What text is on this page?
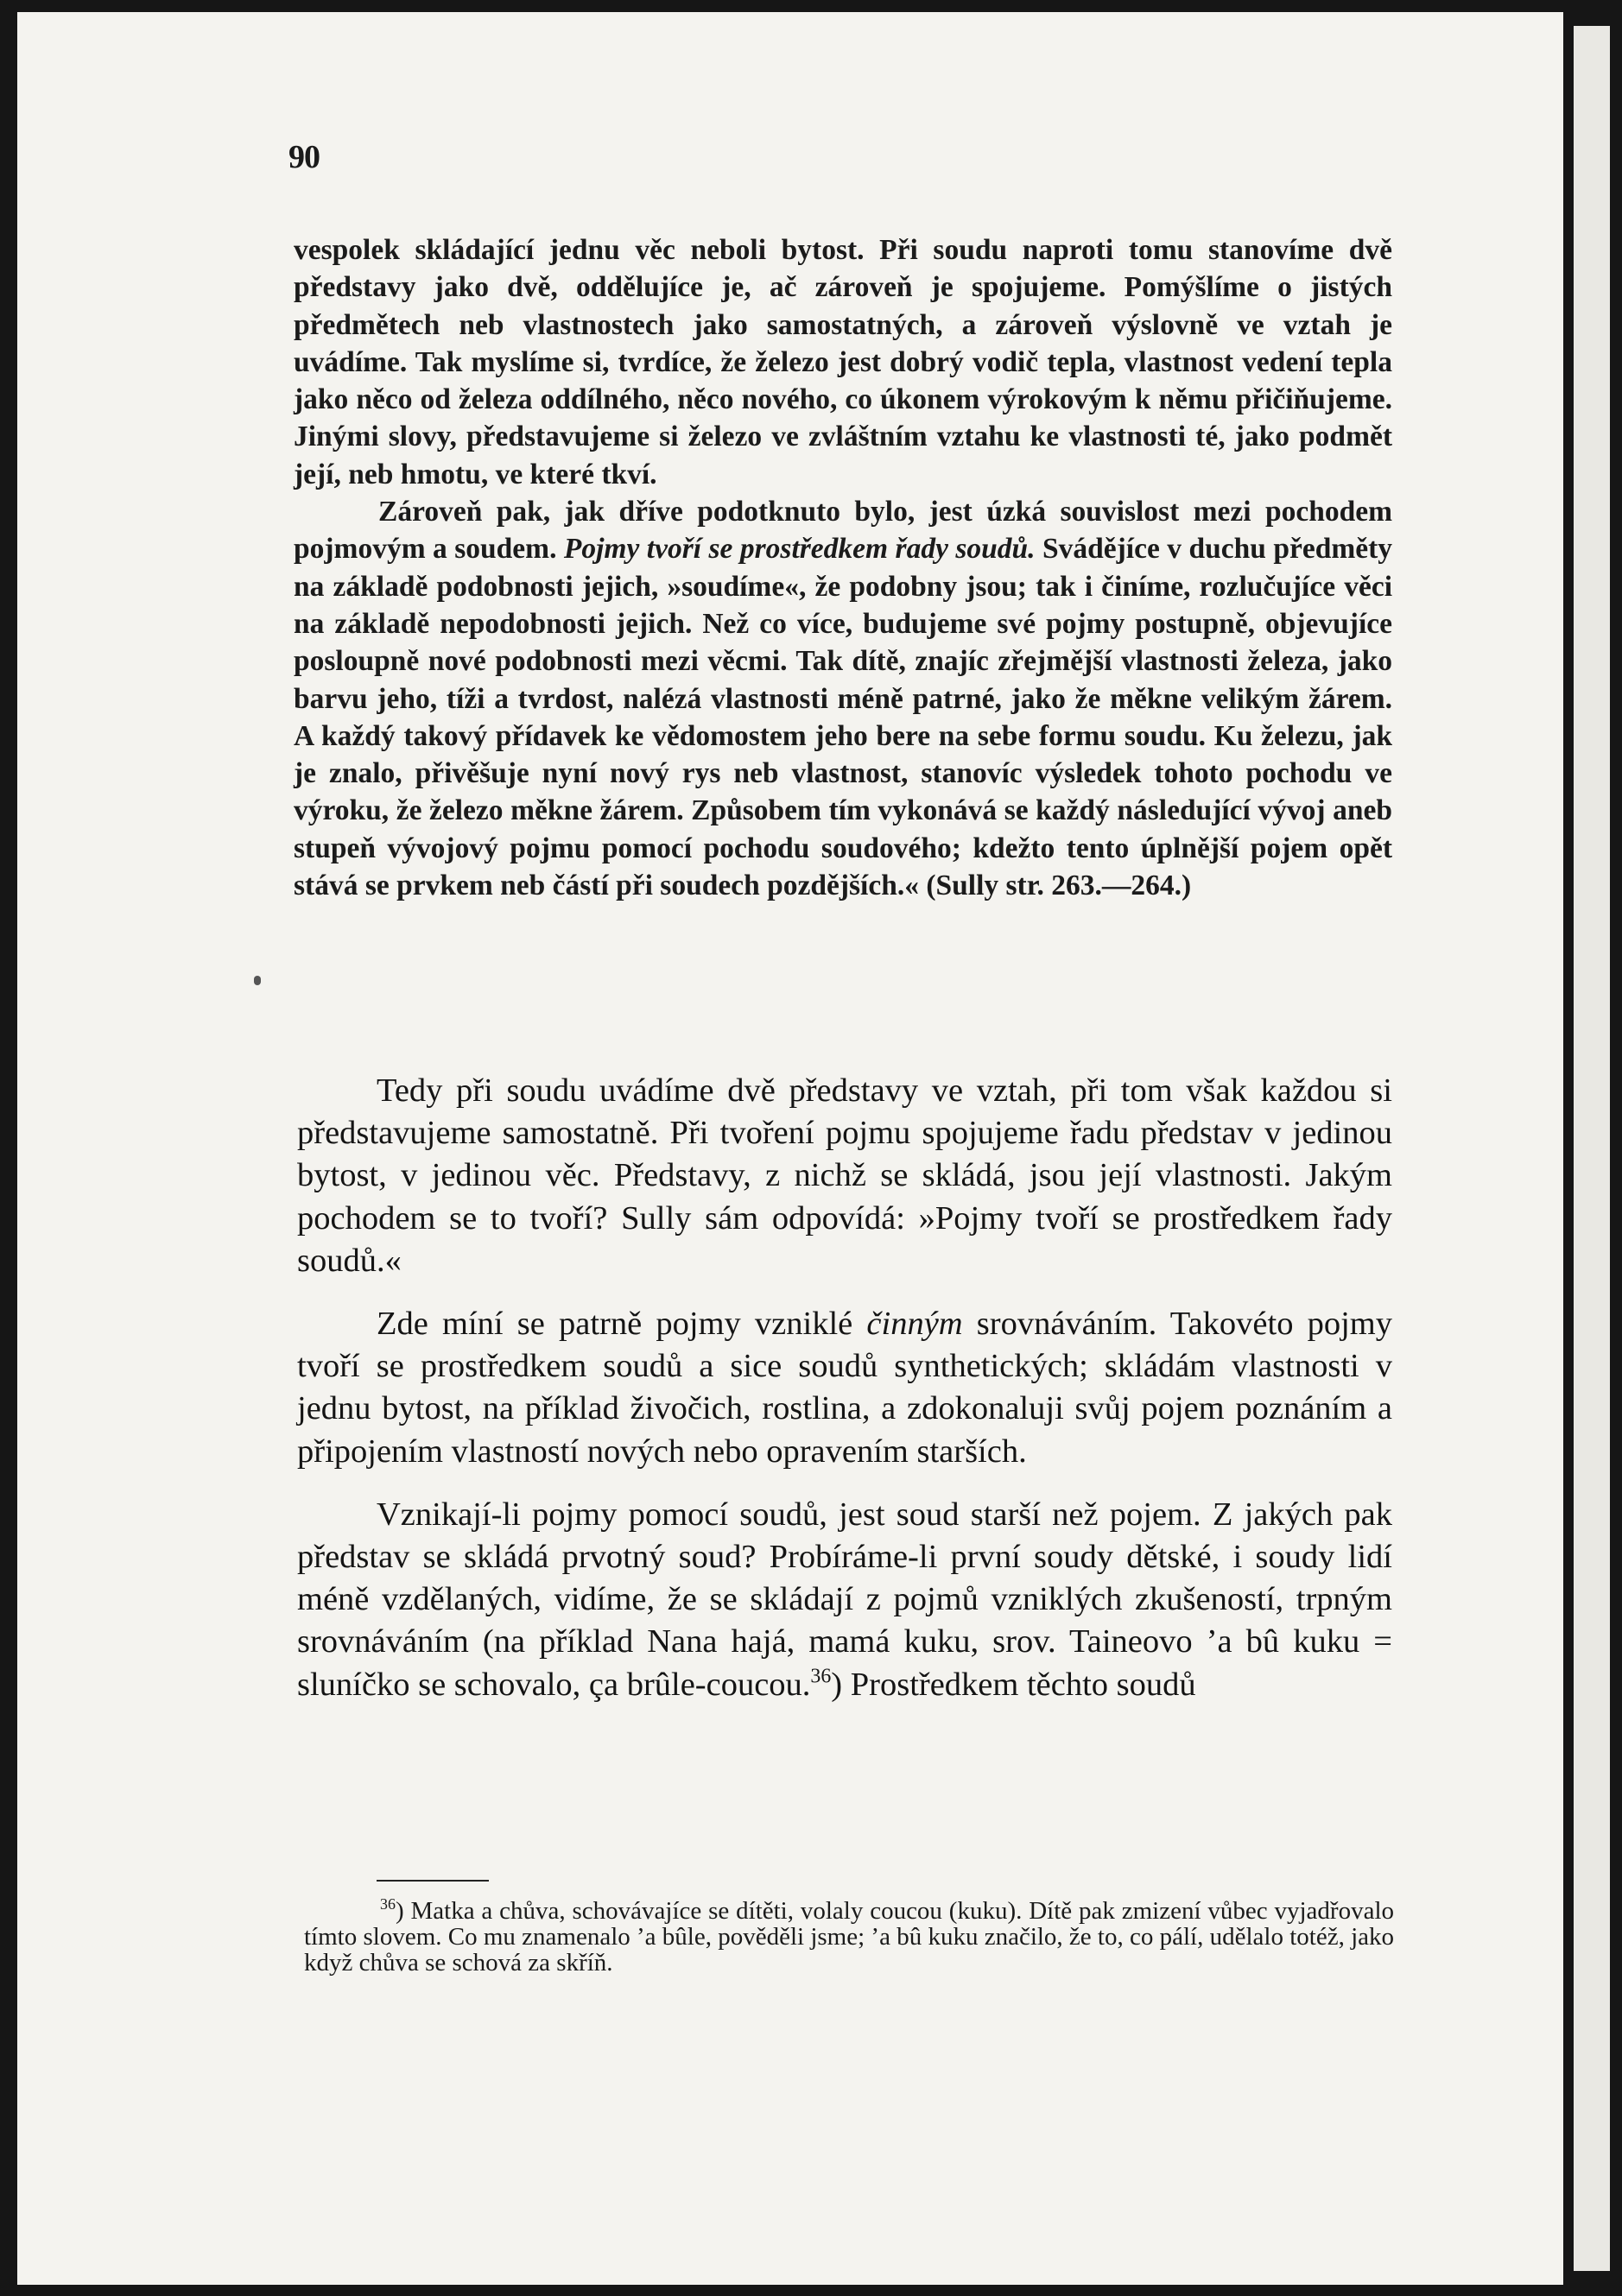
90

vespolek skládající jednu věc neboli bytost. Při soudu naproti tomu stanovíme dvě představy jako dvě, oddělujíce je, ač zároveň je spojujeme. Pomýšlíme o jistých předmětech neb vlastnostech jako samostatných, a zároveň výslovně ve vztah je uvádíme. Tak myslíme si, tvrdíce, že železo jest dobrý vodič tepla, vlastnost vedení tepla jako něco od železa oddílného, něco nového, co úkonem výrokovým k němu přičiňujeme. Jinými slovy, představujeme si železo ve zvláštním vztahu ke vlastnosti té, jako podmět její, neb hmotu, ve které tkví.

Zároveň pak, jak dříve podotknuto bylo, jest úzká souvislost mezi pochodem pojmovým a soudem. Pojmy tvoří se prostředkem řady soudů. Svádějíce v duchu předměty na základě podobnosti jejich, »soudíme«, že podobny jsou; tak i činíme, rozlučujíce věci na základě nepodobnosti jejich. Než co více, budujeme své pojmy postupně, objevujíce posloupně nové podobnosti mezi věcmi. Tak dítě, znajíc zřejmější vlastnosti železa, jako barvu jeho, tíži a tvrdost, nalézá vlastnosti méně patrné, jako že měkne velikým žárem. A každý takový přídavek ke vědomostem jeho bere na sebe formu soudu. Ku železu, jak je znalo, přivěšuje nyní nový rys neb vlastnost, stanovíc výsledek tohoto pochodu ve výroku, že železo měkne žárem. Způsobem tím vykonává se každý následující vývoj aneb stupeň vývojový pojmu pomocí pochodu soudového; kdežto tento úplnější pojem opět stává se prvkem neb částí při soudech pozdějších.« (Sully str. 263.—264.)

Tedy při soudu uvádíme dvě představy ve vztah, při tom však každou si představujeme samostatně. Při tvoření pojmu spojujeme řadu představ v jedinou bytost, v jedinou věc. Představy, z nichž se skládá, jsou její vlastnosti. Jakým pochodem se to tvoří? Sully sám odpovídá: »Pojmy tvoří se prostředkem řady soudů.«

Zde míní se patrně pojmy vzniklé činným srovnáváním. Takovéto pojmy tvoří se prostředkem soudů a sice soudů synthetických; skládám vlastnosti v jednu bytost, na příklad živočich, rostlina, a zdokonaluji svůj pojem poznáním a připojením vlastností nových nebo opravením starších.

Vznikají-li pojmy pomocí soudů, jest soud starší než pojem. Z jakých pak představ se skládá prvotný soud? Probíráme-li první soudy dětské, i soudy lidí méně vzdělaných, vidíme, že se skládají z pojmů vzniklých zkušeností, trpným srovnáváním (na příklad Nana hajá, mamá kuku, srov. Taineovo ’a bû kuku = sluníčko se schovalo, ça brûle-coucou.$^{36}$) Prostředkem těchto soudů

$^{36}$) Matka a chůva, schovávajíce se dítěti, volaly coucou (kuku). Dítě pak zmizení vůbec vyjadřovalo tímto slovem. Co mu znamenalo ’a bûle, pověděli jsme; ’a bû kuku značilo, že to, co pálí, udělalo totéž, jako když chůva se schová za skříň.
